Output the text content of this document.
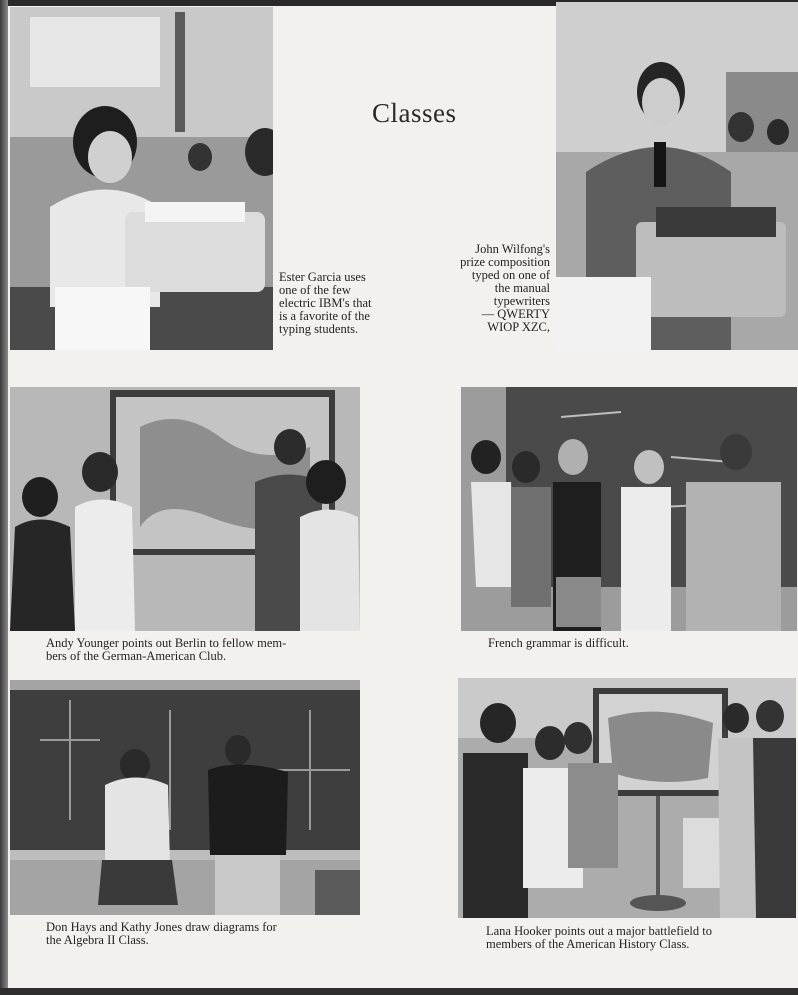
Classes
Ester Garcia uses
one of the few
electric IBM's that
is a favorite of the
typing students.
John Wilfong's
prize composition
typed on one of
the manual
typewriters
— QWERTY
WIOP XZC,
Andy Younger points out Berlin to fellow mem-
bers of the German-American Club.
French grammar is difficult.
Don Hays and Kathy Jones draw diagrams for
the Algebra II Class.
Lana Hooker points out a major battlefield to
members of the American History Class.
